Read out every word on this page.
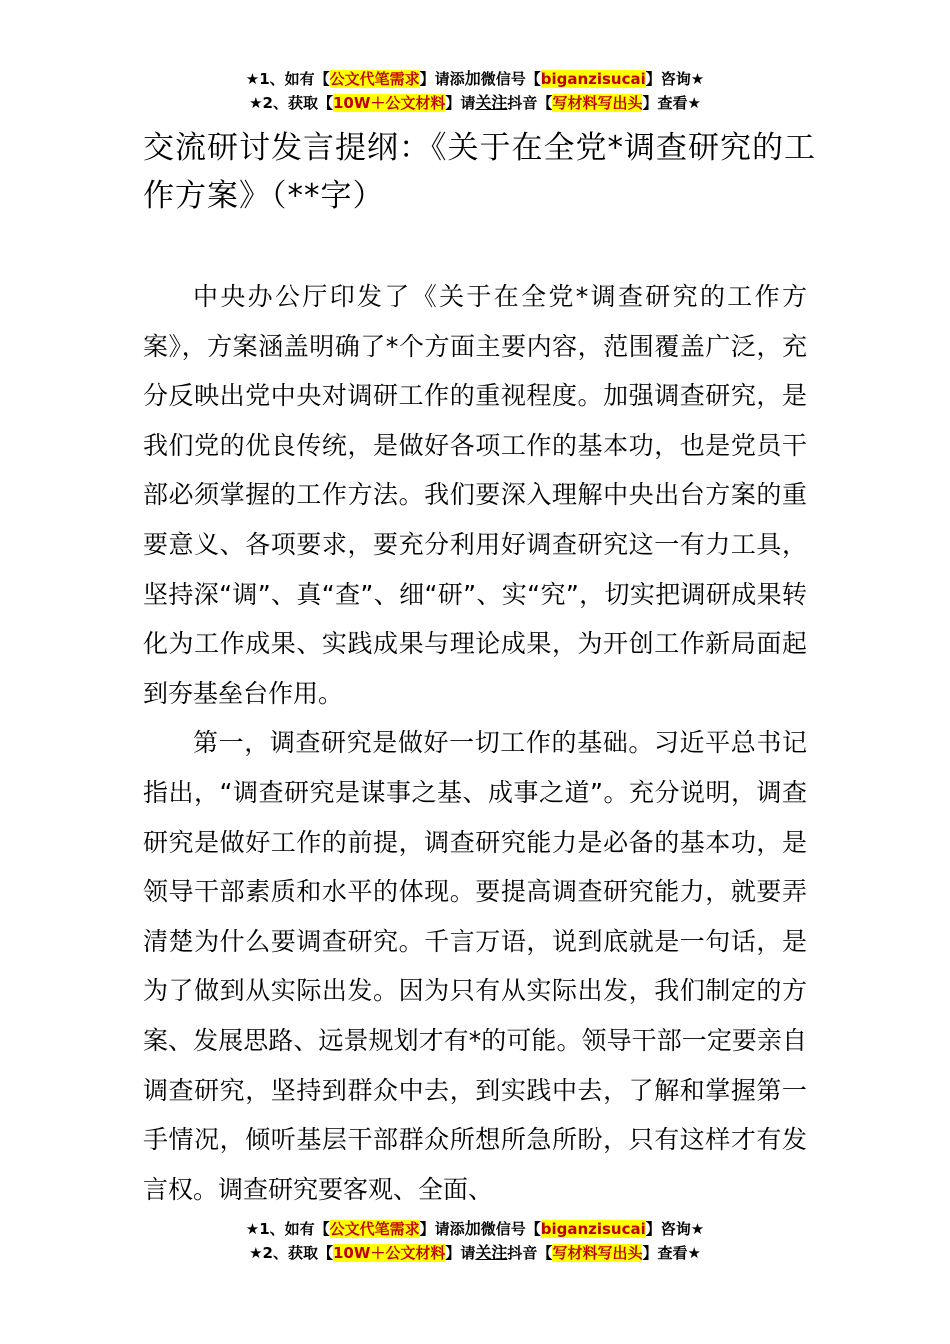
★1、如有【公文代笔需求】请添加微信号【biganzisucai】咨询★
★2、获取【10W＋公文材料】请关注抖音【写材料写出头】查看★
交流研讨发言提纲：《关于在全党*调查研究的工作方案》（**字）

中央办公厅印发了《关于在全党*调查研究的工作方案》，方案涵盖明确了*个方面主要内容，范围覆盖广泛，充分反映出党中央对调研工作的重视程度。加强调查研究，是我们党的优良传统，是做好各项工作的基本功，也是党员干部必须掌握的工作方法。我们要深入理解中央出台方案的重要意义、各项要求，要充分利用好调查研究这一有力工具，坚持深“调”、真“查”、细“研”、实“究”，切实把调研成果转化为工作成果、实践成果与理论成果，为开创工作新局面起到夯基垒台作用。

第一，调查研究是做好一切工作的基础。习近平总书记指出，“调查研究是谋事之基、成事之道”。充分说明，调查研究是做好工作的前提，调查研究能力是必备的基本功，是领导干部素质和水平的体现。要提高调查研究能力，就要弄清楚为什么要调查研究。千言万语，说到底就是一句话，是为了做到从实际出发。因为只有从实际出发，我们制定的方案、发展思路、远景规划才有*的可能。领导干部一定要亲自调查研究，坚持到群众中去，到实践中去，了解和掌握第一手情况，倾听基层干部群众所想所急所盼，只有这样才有发言权。调查研究要客观、全面、

★1、如有【公文代笔需求】请添加微信号【biganzisucai】咨询★
★2、获取【10W＋公文材料】请关注抖音【写材料写出头】查看★
